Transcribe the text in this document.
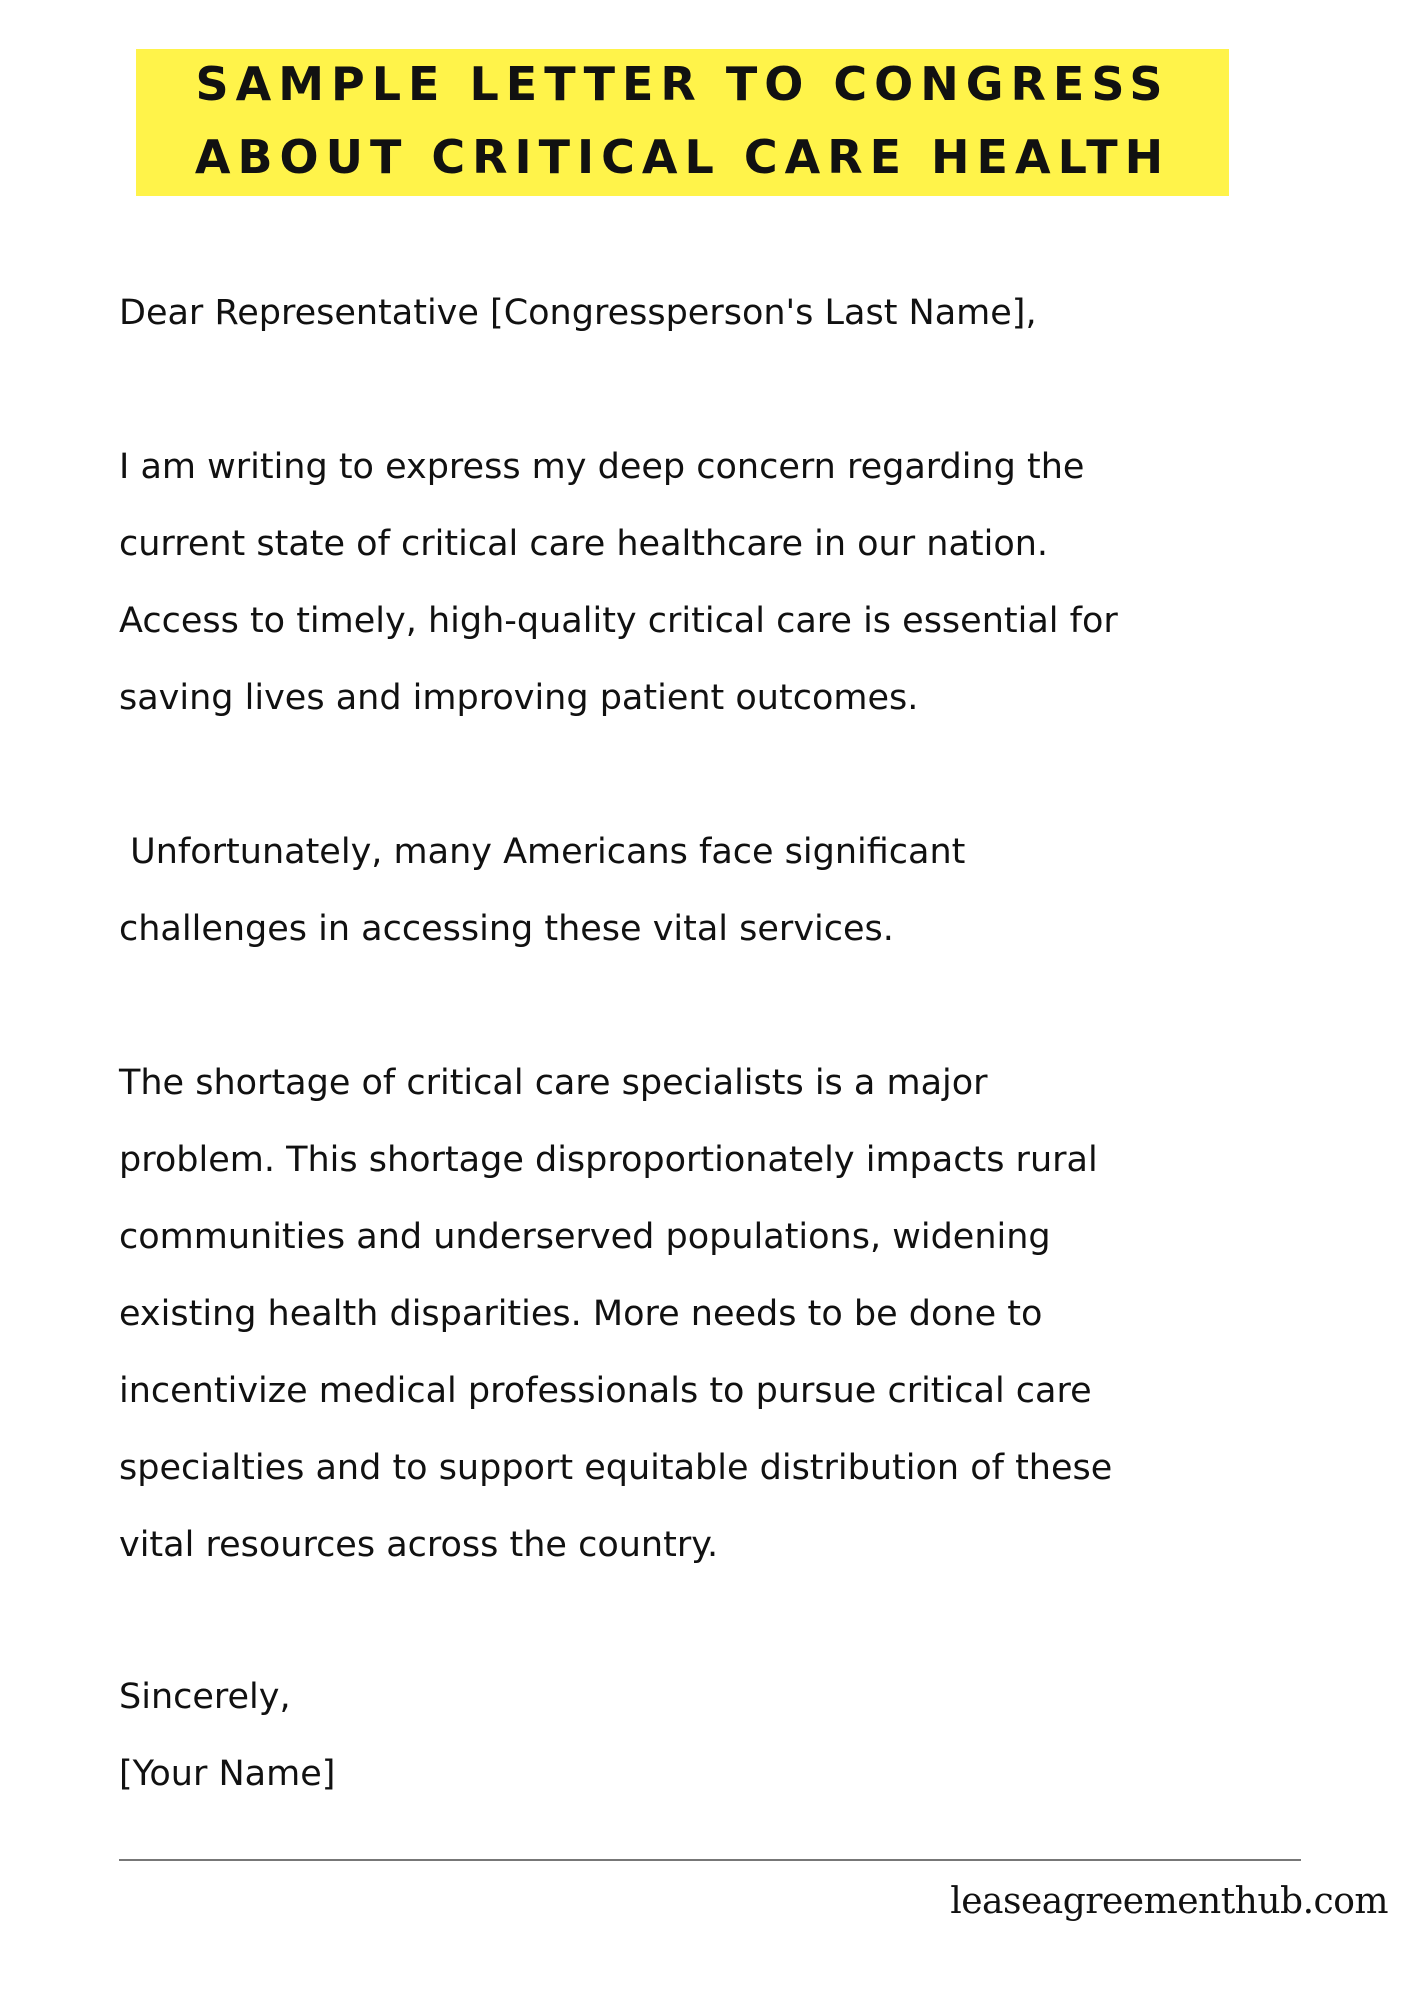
SAMPLE LETTER TO CONGRESS
ABOUT CRITICAL CARE HEALTH
Dear Representative [Congressperson's Last Name],
I am writing to express my deep concern regarding the
current state of critical care healthcare in our nation.
Access to timely, high-quality critical care is essential for
saving lives and improving patient outcomes.
Unfortunately, many Americans face significant
challenges in accessing these vital services.
The shortage of critical care specialists is a major
problem. This shortage disproportionately impacts rural
communities and underserved populations, widening
existing health disparities. More needs to be done to
incentivize medical professionals to pursue critical care
specialties and to support equitable distribution of these
vital resources across the country.
Sincerely,
[Your Name]
leaseagreementhub.com
